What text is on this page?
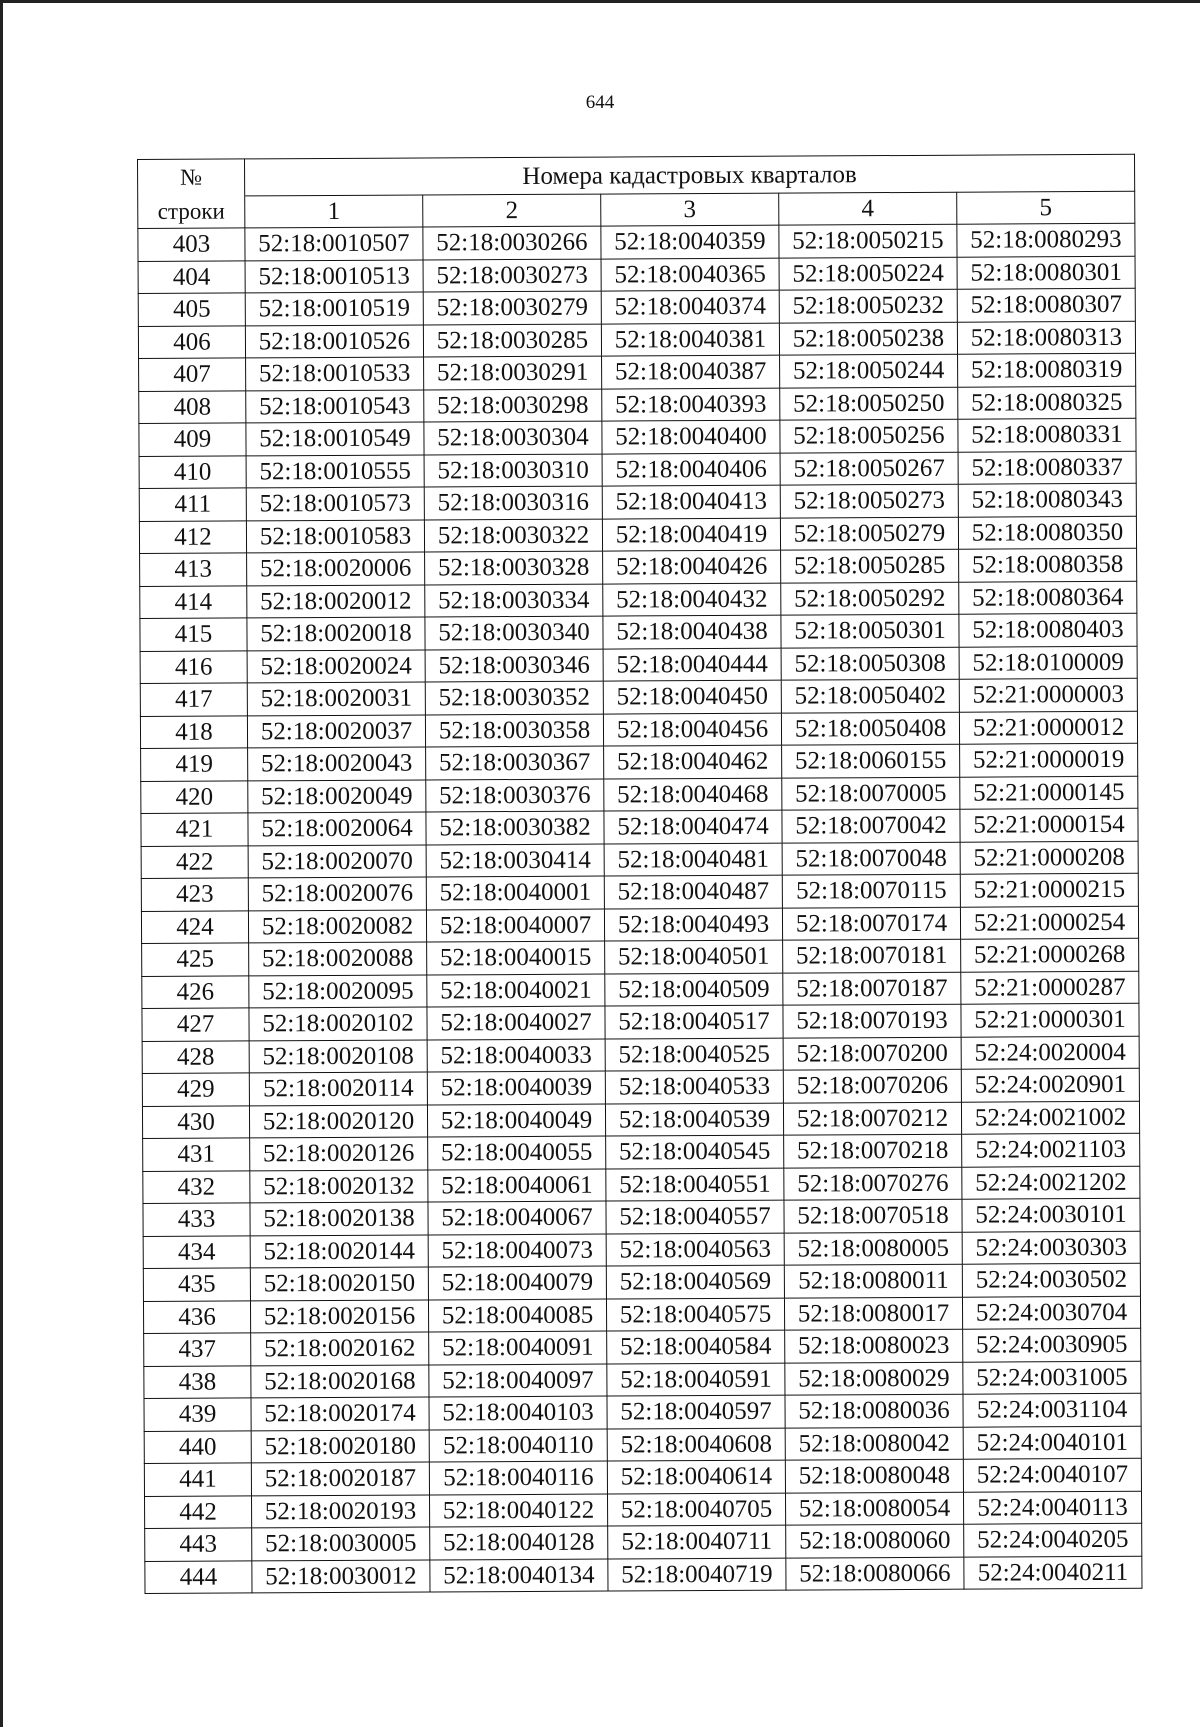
644
№	Номера кадастровых кварталов				
строки	1	2	3	4	5
403	52:18:0010507	52:18:0030266	52:18:0040359	52:18:0050215	52:18:0080293
404	52:18:0010513	52:18:0030273	52:18:0040365	52:18:0050224	52:18:0080301
405	52:18:0010519	52:18:0030279	52:18:0040374	52:18:0050232	52:18:0080307
406	52:18:0010526	52:18:0030285	52:18:0040381	52:18:0050238	52:18:0080313
407	52:18:0010533	52:18:0030291	52:18:0040387	52:18:0050244	52:18:0080319
408	52:18:0010543	52:18:0030298	52:18:0040393	52:18:0050250	52:18:0080325
409	52:18:0010549	52:18:0030304	52:18:0040400	52:18:0050256	52:18:0080331
410	52:18:0010555	52:18:0030310	52:18:0040406	52:18:0050267	52:18:0080337
411	52:18:0010573	52:18:0030316	52:18:0040413	52:18:0050273	52:18:0080343
412	52:18:0010583	52:18:0030322	52:18:0040419	52:18:0050279	52:18:0080350
413	52:18:0020006	52:18:0030328	52:18:0040426	52:18:0050285	52:18:0080358
414	52:18:0020012	52:18:0030334	52:18:0040432	52:18:0050292	52:18:0080364
415	52:18:0020018	52:18:0030340	52:18:0040438	52:18:0050301	52:18:0080403
416	52:18:0020024	52:18:0030346	52:18:0040444	52:18:0050308	52:18:0100009
417	52:18:0020031	52:18:0030352	52:18:0040450	52:18:0050402	52:21:0000003
418	52:18:0020037	52:18:0030358	52:18:0040456	52:18:0050408	52:21:0000012
419	52:18:0020043	52:18:0030367	52:18:0040462	52:18:0060155	52:21:0000019
420	52:18:0020049	52:18:0030376	52:18:0040468	52:18:0070005	52:21:0000145
421	52:18:0020064	52:18:0030382	52:18:0040474	52:18:0070042	52:21:0000154
422	52:18:0020070	52:18:0030414	52:18:0040481	52:18:0070048	52:21:0000208
423	52:18:0020076	52:18:0040001	52:18:0040487	52:18:0070115	52:21:0000215
424	52:18:0020082	52:18:0040007	52:18:0040493	52:18:0070174	52:21:0000254
425	52:18:0020088	52:18:0040015	52:18:0040501	52:18:0070181	52:21:0000268
426	52:18:0020095	52:18:0040021	52:18:0040509	52:18:0070187	52:21:0000287
427	52:18:0020102	52:18:0040027	52:18:0040517	52:18:0070193	52:21:0000301
428	52:18:0020108	52:18:0040033	52:18:0040525	52:18:0070200	52:24:0020004
429	52:18:0020114	52:18:0040039	52:18:0040533	52:18:0070206	52:24:0020901
430	52:18:0020120	52:18:0040049	52:18:0040539	52:18:0070212	52:24:0021002
431	52:18:0020126	52:18:0040055	52:18:0040545	52:18:0070218	52:24:0021103
432	52:18:0020132	52:18:0040061	52:18:0040551	52:18:0070276	52:24:0021202
433	52:18:0020138	52:18:0040067	52:18:0040557	52:18:0070518	52:24:0030101
434	52:18:0020144	52:18:0040073	52:18:0040563	52:18:0080005	52:24:0030303
435	52:18:0020150	52:18:0040079	52:18:0040569	52:18:0080011	52:24:0030502
436	52:18:0020156	52:18:0040085	52:18:0040575	52:18:0080017	52:24:0030704
437	52:18:0020162	52:18:0040091	52:18:0040584	52:18:0080023	52:24:0030905
438	52:18:0020168	52:18:0040097	52:18:0040591	52:18:0080029	52:24:0031005
439	52:18:0020174	52:18:0040103	52:18:0040597	52:18:0080036	52:24:0031104
440	52:18:0020180	52:18:0040110	52:18:0040608	52:18:0080042	52:24:0040101
441	52:18:0020187	52:18:0040116	52:18:0040614	52:18:0080048	52:24:0040107
442	52:18:0020193	52:18:0040122	52:18:0040705	52:18:0080054	52:24:0040113
443	52:18:0030005	52:18:0040128	52:18:0040711	52:18:0080060	52:24:0040205
444	52:18:0030012	52:18:0040134	52:18:0040719	52:18:0080066	52:24:0040211
